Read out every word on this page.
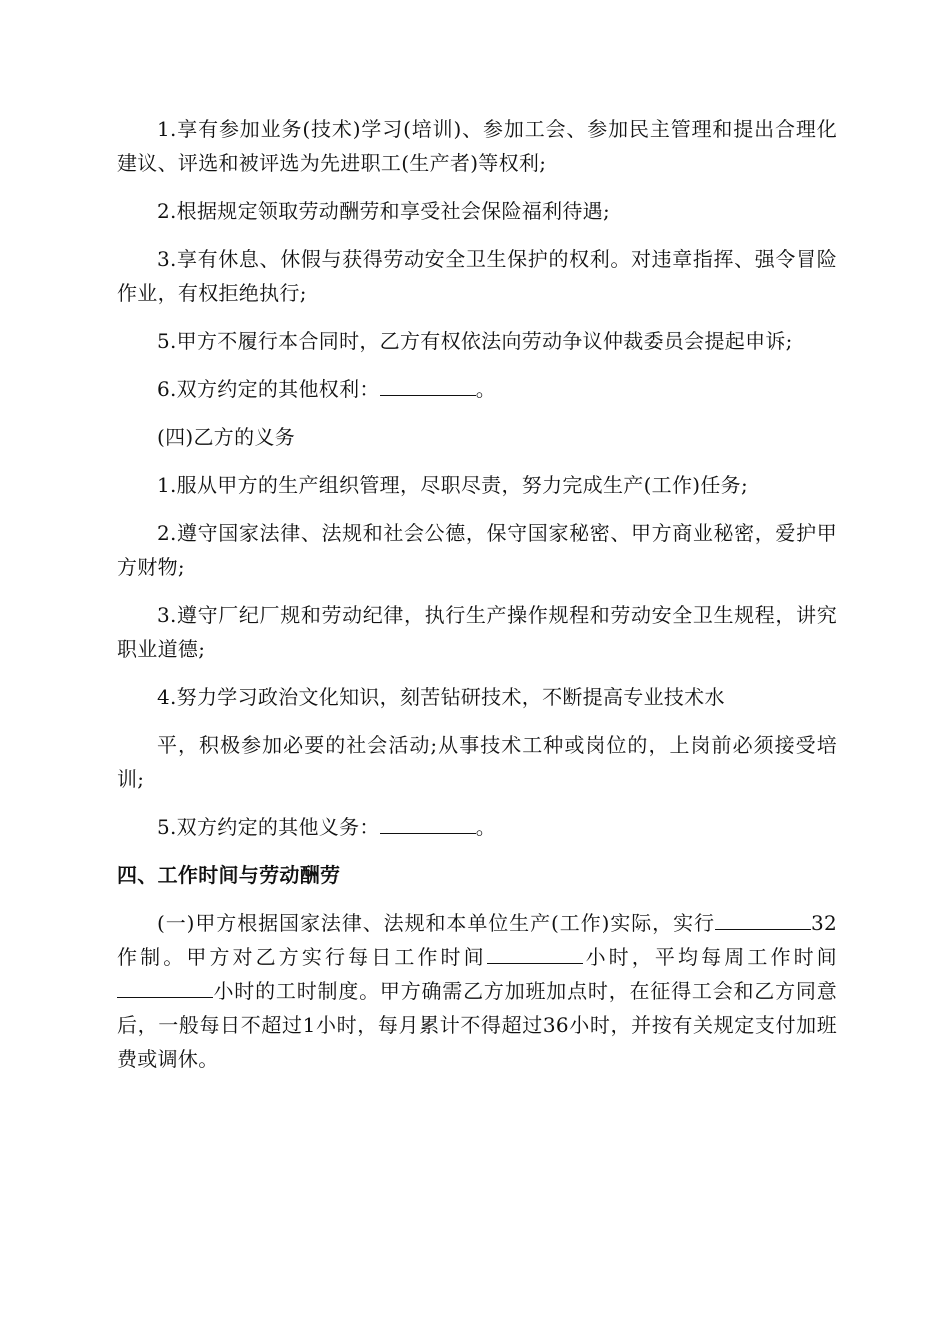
1.享有参加业务(技术)学习(培训)、参加工会、参加民主管理和提出合理化建议、评选和被评选为先进职工(生产者)等权利;

2.根据规定领取劳动酬劳和享受社会保险福利待遇;

3.享有休息、休假与获得劳动安全卫生保护的权利。对违章指挥、强令冒险作业，有权拒绝执行;

5.甲方不履行本合同时，乙方有权依法向劳动争议仲裁委员会提起申诉;

6.双方约定的其他权利：	。

(四)乙方的义务

1.服从甲方的生产组织管理，尽职尽责，努力完成生产(工作)任务;

2.遵守国家法律、法规和社会公德，保守国家秘密、甲方商业秘密，爱护甲方财物;

3.遵守厂纪厂规和劳动纪律，执行生产操作规程和劳动安全卫生规程，讲究职业道德;

4.努力学习政治文化知识，刻苦钻研技术，不断提高专业技术水

平，积极参加必要的社会活动;从事技术工种或岗位的，上岗前必须接受培训;

5.双方约定的其他义务：	。

四、工作时间与劳动酬劳

(一)甲方根据国家法律、法规和本单位生产(工作)实际，实行	32作制。甲方对乙方实行每日工作时间	小时，平均每周工作时间小时的工时制度。甲方确需乙方加班加点时，在征得工会和乙方同意后，一般每日不超过1小时，每月累计不得超过36小时，并按有关规定支付加班费或调休。
